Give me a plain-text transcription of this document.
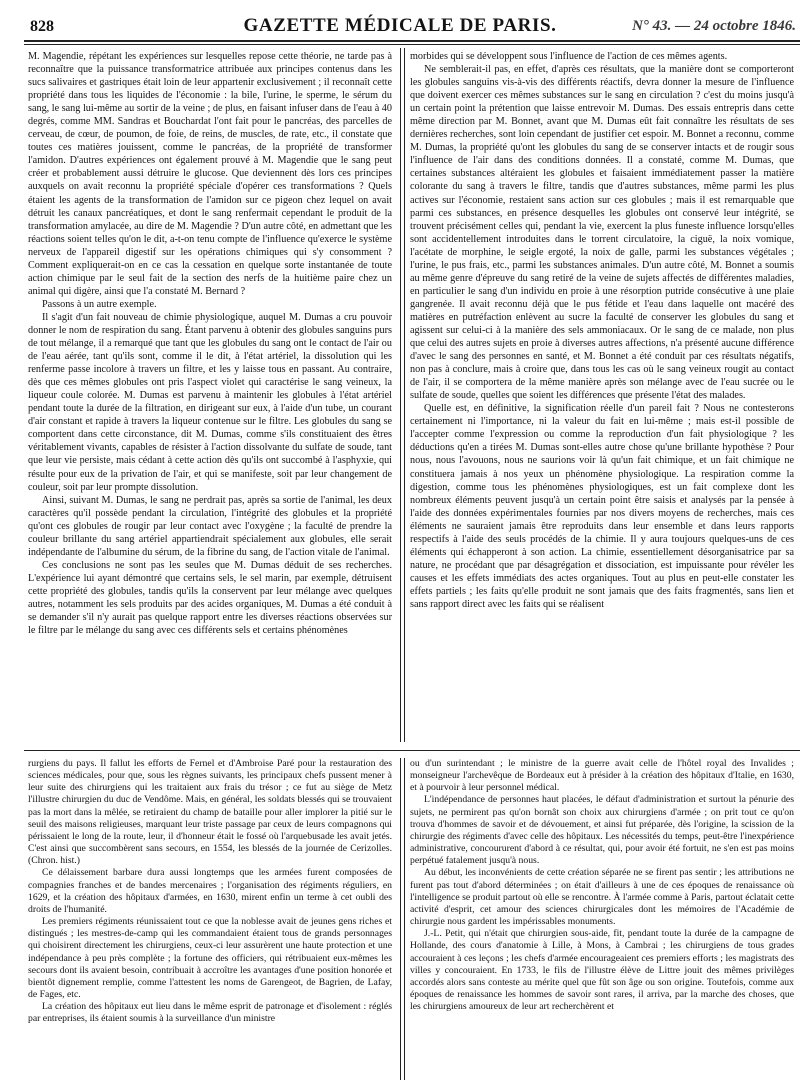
828	GAZETTE MÉDICALE DE PARIS.	N° 43. — 24 octobre 1846.

M. Magendie, répétant les expériences sur lesquelles repose cette théorie, ne tarde pas à reconnaître que la puissance transformatrice attribuée aux principes contenus dans les sucs salivaires et gastriques était loin de leur appartenir exclusivement ; il reconnaît cette propriété dans tous les liquides de l'économie : la bile, l'urine, le sperme, le sérum du sang, le sang lui-même au sortir de la veine ; de plus, en faisant infuser dans de l'eau à 40 degrés, comme MM. Sandras et Bouchardat l'ont fait pour le pancréas, des parcelles de cerveau, de cœur, de poumon, de foie, de reins, de muscles, de rate, etc., il constate que toutes ces matières jouissent, comme le pancréas, de la propriété de transformer l'amidon. D'autres expériences ont également prouvé à M. Magendie que le sang peut créer et probablement aussi détruire le glucose. Que deviennent dès lors ces principes auxquels on avait reconnu la propriété spéciale d'opérer ces transformations ? Quels étaient les agents de la transformation de l'amidon sur ce pigeon chez lequel on avait détruit les canaux pancréatiques, et dont le sang renfermait cependant le produit de la transformation amylacée, au dire de M. Magendie ? D'un autre côté, en admettant que les réactions soient telles qu'on le dit, a-t-on tenu compte de l'influence qu'exerce le système nerveux de l'appareil digestif sur les opérations chimiques qui s'y consomment ? Comment expliquerait-on en ce cas la cessation en quelque sorte instantanée de toute action chimique par le seul fait de la section des nerfs de la huitième paire chez un animal qui digère, ainsi que l'a constaté M. Bernard ?

Passons à un autre exemple.

Il s'agit d'un fait nouveau de chimie physiologique, auquel M. Dumas a cru pouvoir donner le nom de respiration du sang. Étant parvenu à obtenir des globules sanguins purs de tout mélange, il a remarqué que tant que les globules du sang ont le contact de l'air ou de l'eau aérée, tant qu'ils sont, comme il le dit, à l'état artériel, la dissolution qui les renferme passe incolore à travers un filtre, et les y laisse tous en passant. Au contraire, dès que ces mêmes globules ont pris l'aspect violet qui caractérise le sang veineux, la liqueur coule colorée. M. Dumas est parvenu à maintenir les globules à l'état artériel pendant toute la durée de la filtration, en dirigeant sur eux, à l'aide d'un tube, un courant d'air constant et rapide à travers la liqueur contenue sur le filtre. Les globules du sang se comportent dans cette circonstance, dit M. Dumas, comme s'ils constituaient des êtres véritablement vivants, capables de résister à l'action dissolvante du sulfate de soude, tant que leur vie persiste, mais cédant à cette action dès qu'ils ont succombé à l'asphyxie, qui résulte pour eux de la privation de l'air, et qui se manifeste, soit par leur changement de couleur, soit par leur prompte dissolution.

Ainsi, suivant M. Dumas, le sang ne perdrait pas, après sa sortie de l'animal, les deux caractères qu'il possède pendant la circulation, l'intégrité des globules et la propriété qu'ont ces globules de rougir par leur contact avec l'oxygène ; la faculté de prendre la couleur brillante du sang artériel appartiendrait spécialement aux globules, elle serait indépendante de l'albumine du sérum, de la fibrine du sang, de l'action vitale de l'animal.

Ces conclusions ne sont pas les seules que M. Dumas déduit de ses recherches. L'expérience lui ayant démontré que certains sels, le sel marin, par exemple, détruisent cette propriété des globules, tandis qu'ils la conservent par leur mélange avec quelques autres, notamment les sels produits par des acides organiques, M. Dumas a été conduit à se demander s'il n'y aurait pas quelque rapport entre les diverses réactions observées sur le filtre par le mélange du sang avec ces différents sels et certains phénomènes

morbides qui se développent sous l'influence de l'action de ces mêmes agents.

Ne semblerait-il pas, en effet, d'après ces résultats, que la manière dont se comporteront les globules sanguins vis-à-vis des différents réactifs, devra donner la mesure de l'influence que doivent exercer ces mêmes substances sur le sang en circulation ? c'est du moins jusqu'à un certain point la prétention que laisse entrevoir M. Dumas. Des essais entrepris dans cette même direction par M. Bonnet, avant que M. Dumas eût fait connaître les résultats de ses dernières recherches, sont loin cependant de justifier cet espoir. M. Bonnet a reconnu, comme M. Dumas, la propriété qu'ont les globules du sang de se conserver intacts et de rougir sous l'influence de l'air dans des conditions données. Il a constaté, comme M. Dumas, que certaines substances altéraient les globules et faisaient immédiatement passer la matière colorante du sang à travers le filtre, tandis que d'autres substances, même parmi les plus actives sur l'économie, restaient sans action sur ces globules ; mais il est remarquable que parmi ces substances, en présence desquelles les globules ont conservé leur intégrité, se trouvent précisément celles qui, pendant la vie, exercent la plus funeste influence lorsqu'elles sont accidentellement introduites dans le torrent circulatoire, la ciguë, la noix vomique, l'acétate de morphine, le seigle ergoté, la noix de galle, parmi les substances végétales ; l'urine, le pus frais, etc., parmi les substances animales. D'un autre côté, M. Bonnet a soumis au même genre d'épreuve du sang retiré de la veine de sujets affectés de différentes maladies, en particulier le sang d'un individu en proie à une résorption putride consécutive à une plaie gangrenée. Il avait reconnu déjà que le pus fétide et l'eau dans laquelle ont macéré des matières en putréfaction enlèvent au sucre la faculté de conserver les globules du sang et agissent sur celui-ci à la manière des sels ammoniacaux. Or le sang de ce malade, non plus que celui des autres sujets en proie à diverses autres affections, n'a présenté aucune différence d'avec le sang des personnes en santé, et M. Bonnet a été conduit par ces résultats négatifs, non pas à conclure, mais à croire que, dans tous les cas où le sang veineux rougit au contact de l'air, il se comportera de la même manière après son mélange avec de l'eau sucrée ou le sulfate de soude, quelles que soient les différences que présente l'état des malades.

Quelle est, en définitive, la signification réelle d'un pareil fait ? Nous ne contesterons certainement ni l'importance, ni la valeur du fait en lui-même ; mais est-il possible de l'accepter comme l'expression ou comme la reproduction d'un fait physiologique ? les déductions qu'en a tirées M. Dumas sont-elles autre chose qu'une brillante hypothèse ? Pour nous, nous l'avouons, nous ne saurions voir là qu'un fait chimique, et un fait chimique ne constituera jamais à nos yeux un phénomène physiologique. La respiration comme la digestion, comme tous les phénomènes physiologiques, est un fait complexe dont les nombreux éléments peuvent jusqu'à un certain point être saisis et analysés par la pensée à l'aide des données expérimentales fournies par nos divers moyens de recherches, mais ces éléments ne sauraient jamais être reproduits dans leur ensemble et dans leurs rapports respectifs à l'aide des seuls procédés de la chimie. Il y aura toujours quelques-uns de ces éléments qui échapperont à son action. La chimie, essentiellement désorganisatrice par sa nature, ne procédant que par désagrégation et dissociation, est impuissante pour révéler les causes et les effets immédiats des actes organiques. Tout au plus en peut-elle constater les effets partiels ; les faits qu'elle produit ne sont jamais que des faits fragmentés, sans lien et sans rapport direct avec les faits qui se réalisent

rurgiens du pays. Il fallut les efforts de Fernel et d'Ambroise Paré pour la restauration des sciences médicales, pour que, sous les règnes suivants, les principaux chefs pussent mener à leur suite des chirurgiens qui les traitaient aux frais du trésor ; ce fut au siège de Metz l'illustre chirurgien du duc de Vendôme. Mais, en général, les soldats blessés qui se trouvaient pas la mort dans la mêlée, se retiraient du champ de bataille pour aller implorer la pitié sur le seuil des maisons religieuses, marquant leur triste passage par ceux de leurs compagnons qui périssaient le long de la route, leur, il d'honneur était le fossé où l'arquebusade les avait jetés. C'est ainsi que succombèrent sans secours, en 1554, les blessés de la journée de Cerizolles. (Chron. hist.)

Ce délaissement barbare dura aussi longtemps que les armées furent composées de compagnies franches et de bandes mercenaires ; l'organisation des régiments réguliers, en 1629, et la création des hôpitaux d'armées, en 1630, mirent enfin un terme à cet oubli des droits de l'humanité.

Les premiers régiments réunissaient tout ce que la noblesse avait de jeunes gens riches et distingués ; les mestres-de-camp qui les commandaient étaient tous de grands personnages qui choisirent directement les chirurgiens, ceux-ci leur assurèrent une haute protection et une indépendance à peu près complète ; la fortune des officiers, qui rétribuaient eux-mêmes les secours dont ils avaient besoin, contribuait à accroître les avantages d'une position honorée et bientôt dignement remplie, comme l'attestent les noms de Garengeot, de Bagrien, de Lafay, de Fages, etc.

La création des hôpitaux eut lieu dans le même esprit de patronage et d'isolement : réglés par entreprises, ils étaient soumis à la surveillance d'un ministre

ou d'un surintendant ; le ministre de la guerre avait celle de l'hôtel royal des Invalides ; monseigneur l'archevêque de Bordeaux eut à présider à la création des hôpitaux d'Italie, en 1630, et à pourvoir à leur personnel médical.

L'indépendance de personnes haut placées, le défaut d'administration et surtout la pénurie des sujets, ne permirent pas qu'on bornât son choix aux chirurgiens d'armée ; on prit tout ce qu'on trouva d'hommes de savoir et de dévouement, et ainsi fut préparée, dès l'origine, la scission de la chirurgie des régiments d'avec celle des hôpitaux. Les nécessités du temps, peut-être l'inexpérience administrative, concoururent d'abord à ce résultat, qui, pour avoir été fortuit, ne s'en est pas moins perpétué fatalement jusqu'à nous.

Au début, les inconvénients de cette création séparée ne se firent pas sentir ; les attributions ne furent pas tout d'abord déterminées ; on était d'ailleurs à une de ces époques de renaissance où l'intelligence se produit partout où elle se rencontre. À l'armée comme à Paris, partout éclatait cette activité d'esprit, cet amour des sciences chirurgicales dont les mémoires de l'Académie de chirurgie nous gardent les impérissables monuments.

J.-L. Petit, qui n'était que chirurgien sous-aide, fit, pendant toute la durée de la campagne de Hollande, des cours d'anatomie à Lille, à Mons, à Cambrai ; les chirurgiens de tous grades accouraient à ces leçons ; les chefs d'armée encourageaient ces premiers efforts ; les magistrats des villes y concouraient. En 1733, le fils de l'illustre élève de Littre jouit des mêmes privilèges accordés alors sans conteste au mérite quel que fût son âge ou son origine. Toutefois, comme aux époques de renaissance les hommes de savoir sont rares, il arriva, par la marche des choses, que les chirurgiens amoureux de leur art recherchèrent et
